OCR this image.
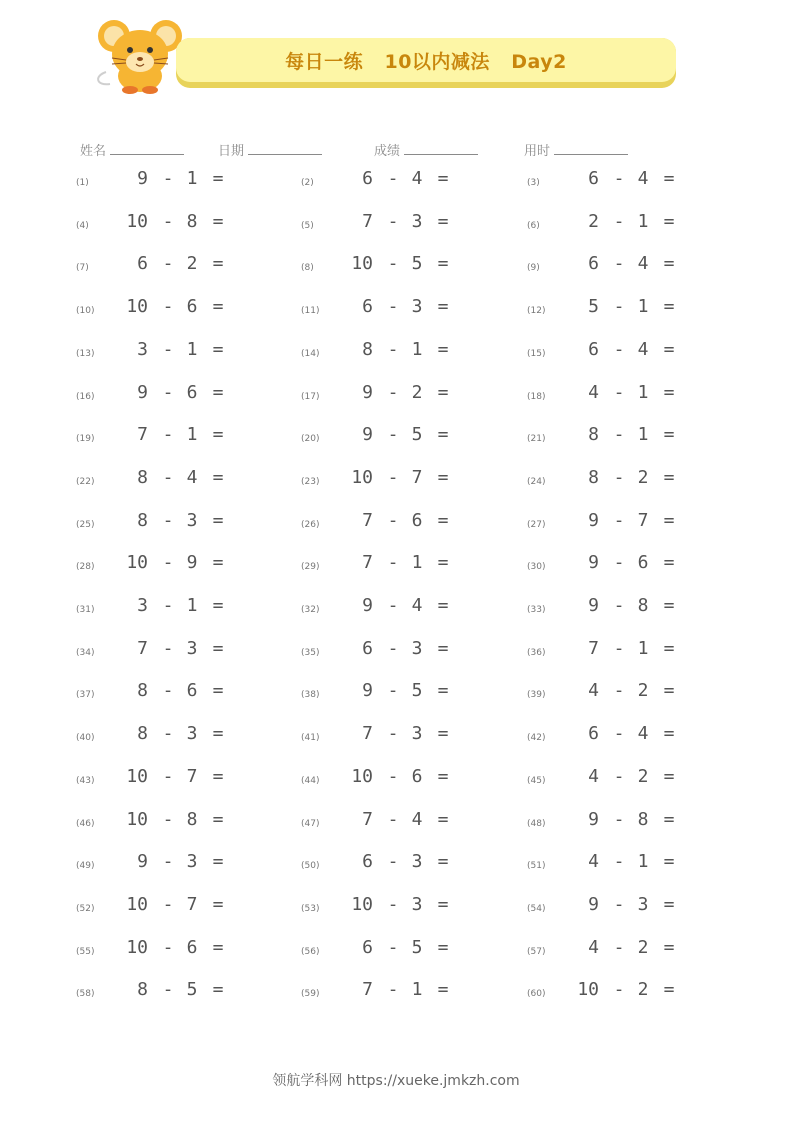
每日一练   10以内减法   Day2
姓名	日期	成绩	用时
(1)	9 - 1 =	(2)	6 - 4 =	(3)	6 - 4 =
(4)	10 - 8 =	(5)	7 - 3 =	(6)	2 - 1 =
(7)	6 - 2 =	(8)	10 - 5 =	(9)	6 - 4 =
(10)	10 - 6 =	(11)	6 - 3 =	(12)	5 - 1 =
(13)	3 - 1 =	(14)	8 - 1 =	(15)	6 - 4 =
(16)	9 - 6 =	(17)	9 - 2 =	(18)	4 - 1 =
(19)	7 - 1 =	(20)	9 - 5 =	(21)	8 - 1 =
(22)	8 - 4 =	(23)	10 - 7 =	(24)	8 - 2 =
(25)	8 - 3 =	(26)	7 - 6 =	(27)	9 - 7 =
(28)	10 - 9 =	(29)	7 - 1 =	(30)	9 - 6 =
(31)	3 - 1 =	(32)	9 - 4 =	(33)	9 - 8 =
(34)	7 - 3 =	(35)	6 - 3 =	(36)	7 - 1 =
(37)	8 - 6 =	(38)	9 - 5 =	(39)	4 - 2 =
(40)	8 - 3 =	(41)	7 - 3 =	(42)	6 - 4 =
(43)	10 - 7 =	(44)	10 - 6 =	(45)	4 - 2 =
(46)	10 - 8 =	(47)	7 - 4 =	(48)	9 - 8 =
(49)	9 - 3 =	(50)	6 - 3 =	(51)	4 - 1 =
(52)	10 - 7 =	(53)	10 - 3 =	(54)	9 - 3 =
(55)	10 - 6 =	(56)	6 - 5 =	(57)	4 - 2 =
(58)	8 - 5 =	(59)	7 - 1 =	(60)	10 - 2 =
领航学科网 https://xueke.jmkzh.com
